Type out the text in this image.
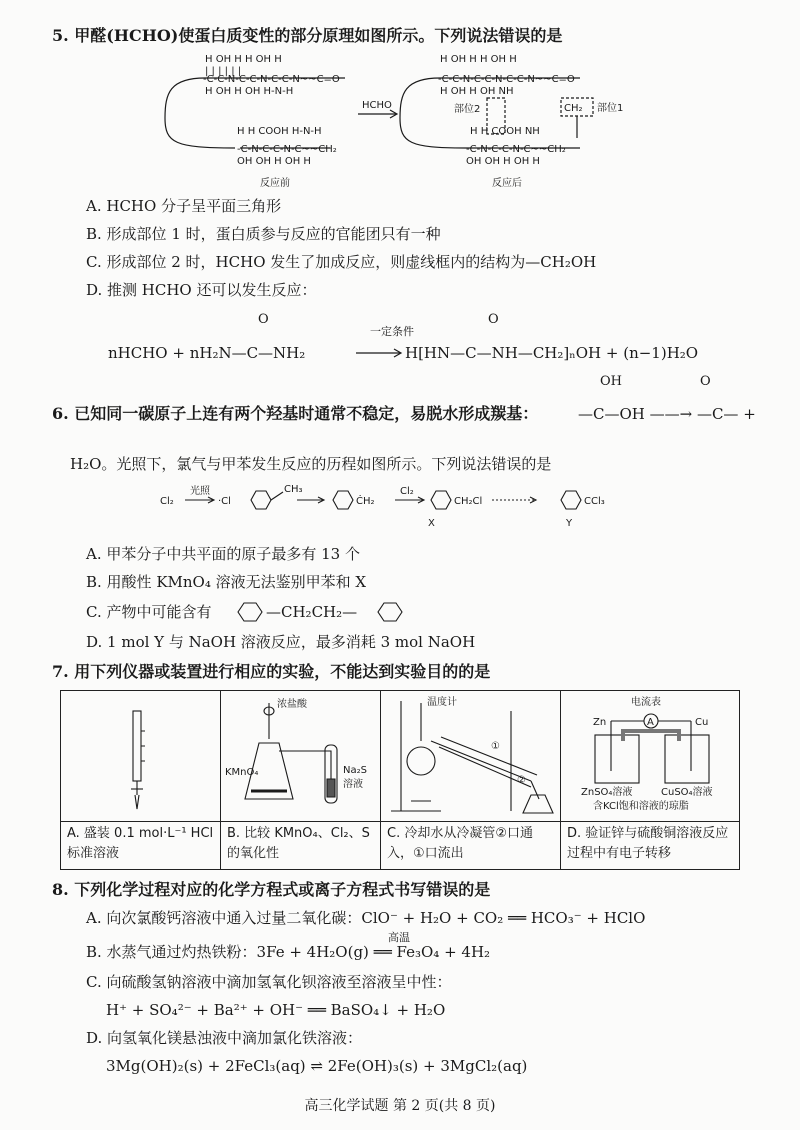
5. 甲醛(HCHO)使蛋白质变性的部分原理如图所示。下列说法错误的是
H OH H H OH H
| | | | | |
-C-C-N-C-C-N-C-C-N~~C=O
H OH H OH H-N-H
H H COOH H-N-H
-C-N-C-C-N-C~~CH₂
OH OH H OH H
H OH H H OH H
-C-C-N-C-C-N-C-C-N~~C=O
H OH H OH NH
H H COOH NH
-C-N-C-C-N-C~~CH₂
OH OH H OH H
CH₂
部位2	部位1
HCHO
反应前	反应后
A. HCHO 分子呈平面三角形
B. 形成部位 1 时，蛋白质参与反应的官能团只有一种
C. 形成部位 2 时，HCHO 发生了加成反应，则虚线框内的结构为—CH₂OH
D. 推测 HCHO 还可以发生反应：
O	O
一定条件
nHCHO + nH₂N—C—NH₂	H[HN—C—NH—CH₂]ₙOH + (n−1)H₂O
OH	O
6. 已知同一碳原子上连有两个羟基时通常不稳定，易脱水形成羰基：	—C—OH ——→ —C— +
H₂O。光照下，氯气与甲苯发生反应的历程如图所示。下列说法错误的是
Cl₂
光照
·Cl
CH₃
ĊH₂
Cl₂
CH₂Cl
X
CCl₃
Y
A. 甲苯分子中共平面的原子最多有 13 个
B. 用酸性 KMnO₄ 溶液无法鉴别甲苯和 X
C. 产物中可能含有	—CH₂CH₂—
D. 1 mol Y 与 NaOH 溶液反应，最多消耗 3 mol NaOH
7. 用下列仪器或装置进行相应的实验，不能达到实验目的的是
A. 盛装 0.1 mol·L⁻¹ HCl 标准溶液
浓盐酸
KMnO₄	Na₂S
溶液
B. 比较 KMnO₄、Cl₂、S 的氧化性
温度计
①
②
C. 冷却水从冷凝管②口通入，①口流出
电流表
A
Zn	Cu
ZnSO₄溶液	CuSO₄溶液
含KCl饱和溶液的琼脂
D. 验证锌与硫酸铜溶液反应过程中有电子转移
8. 下列化学过程对应的化学方程式或离子方程式书写错误的是
A. 向次氯酸钙溶液中通入过量二氧化碳：ClO⁻ + H₂O + CO₂ ══ HCO₃⁻ + HClO
高温
B. 水蒸气通过灼热铁粉：3Fe + 4H₂O(g) ══ Fe₃O₄ + 4H₂
C. 向硫酸氢钠溶液中滴加氢氧化钡溶液至溶液呈中性：
H⁺ + SO₄²⁻ + Ba²⁺ + OH⁻ ══ BaSO₄↓ + H₂O
D. 向氢氧化镁悬浊液中滴加氯化铁溶液：
3Mg(OH)₂(s) + 2FeCl₃(aq) ⇌ 2Fe(OH)₃(s) + 3MgCl₂(aq)
高三化学试题 第 2 页(共 8 页)
